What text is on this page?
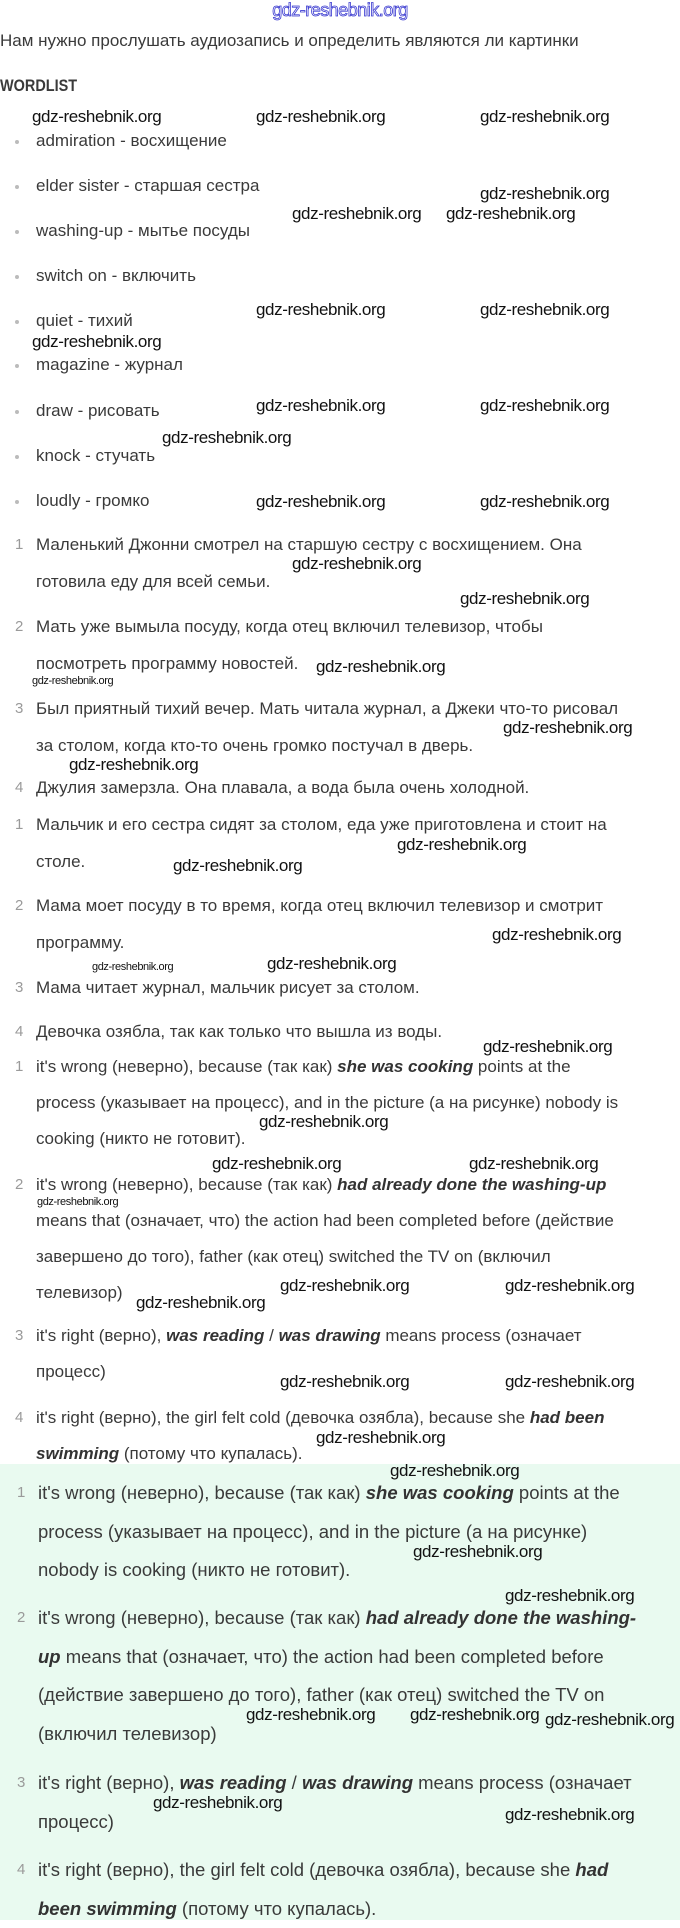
gdz-reshebnik.org
Нам нужно прослушать аудиозапись и определить являются ли картинки
WORDLIST
admiration - восхищение
elder sister - старшая сестра
washing-up - мытье посуды
switch on - включить
quiet - тихий
magazine - журнал
draw - рисовать
knock - стучать
loudly - громко
1 Маленький Джонни смотрел на старшую сестру с восхищением. Она
готовила еду для всей семьи.
2 Мать уже вымыла посуду, когда отец включил телевизор, чтобы
посмотреть программу новостей.
3 Был приятный тихий вечер. Мать читала журнал, а Джеки что-то рисовал
за столом, когда кто-то очень громко постучал в дверь.
4 Джулия замерзла. Она плавала, а вода была очень холодной.
1 Мальчик и его сестра сидят за столом, еда уже приготовлена и стоит на
столе.
2 Мама моет посуду в то время, когда отец включил телевизор и смотрит
программу.
3 Мама читает журнал, мальчик рисует за столом.
4 Девочка озябла, так как только что вышла из воды.
1 it's wrong (неверно), because (так как) she was cooking points at the
process (указывает на процесс), and in the picture (а на рисунке) nobody is
cooking (никто не готовит).
2 it's wrong (неверно), because (так как) had already done the washing-up
means that (означает, что) the action had been completed before (действие
завершено до того), father (как отец) switched the TV on (включил
телевизор)
3 it's right (верно), was reading / was drawing means process (означает
процесс)
4 it's right (верно), the girl felt cold (девочка озябла), because she had been
swimming (потому что купалась).
1 it's wrong (неверно), because (так как) she was cooking points at the
process (указывает на процесс), and in the picture (а на рисунке)
nobody is cooking (никто не готовит).
2 it's wrong (неверно), because (так как) had already done the washing-
up means that (означает, что) the action had been completed before
(действие завершено до того), father (как отец) switched the TV on
(включил телевизор)
3 it's right (верно), was reading / was drawing means process (означает
процесс)
4 it's right (верно), the girl felt cold (девочка озябла), because she had
been swimming (потому что купалась).
gdz-reshebnik.org	gdz-reshebnik.org	gdz-reshebnik.org
gdz-reshebnik.org gdz-reshebnik.org
gdz-reshebnik.org
gdz-reshebnik.org	gdz-reshebnik.org
gdz-reshebnik.org
gdz-reshebnik.org	gdz-reshebnik.org
gdz-reshebnik.org
gdz-reshebnik.org	gdz-reshebnik.org
gdz-reshebnik.org
gdz-reshebnik.org
gdz-reshebnik.org
gdz-reshebnik.org
gdz-reshebnik.org
gdz-reshebnik.org
gdz-reshebnik.org
gdz-reshebnik.org
gdz-reshebnik.org
gdz-reshebnik.org	gdz-reshebnik.org
gdz-reshebnik.org
gdz-reshebnik.org
gdz-reshebnik.org	gdz-reshebnik.org
gdz-reshebnik.org
gdz-reshebnik.org	gdz-reshebnik.org
gdz-reshebnik.org
gdz-reshebnik.org	gdz-reshebnik.org
gdz-reshebnik.org
gdz-reshebnik.org
gdz-reshebnik.org
gdz-reshebnik.org
gdz-reshebnik.org gdz-reshebnik.org gdz-reshebnik.org
gdz-reshebnik.org
gdz-reshebnik.org
